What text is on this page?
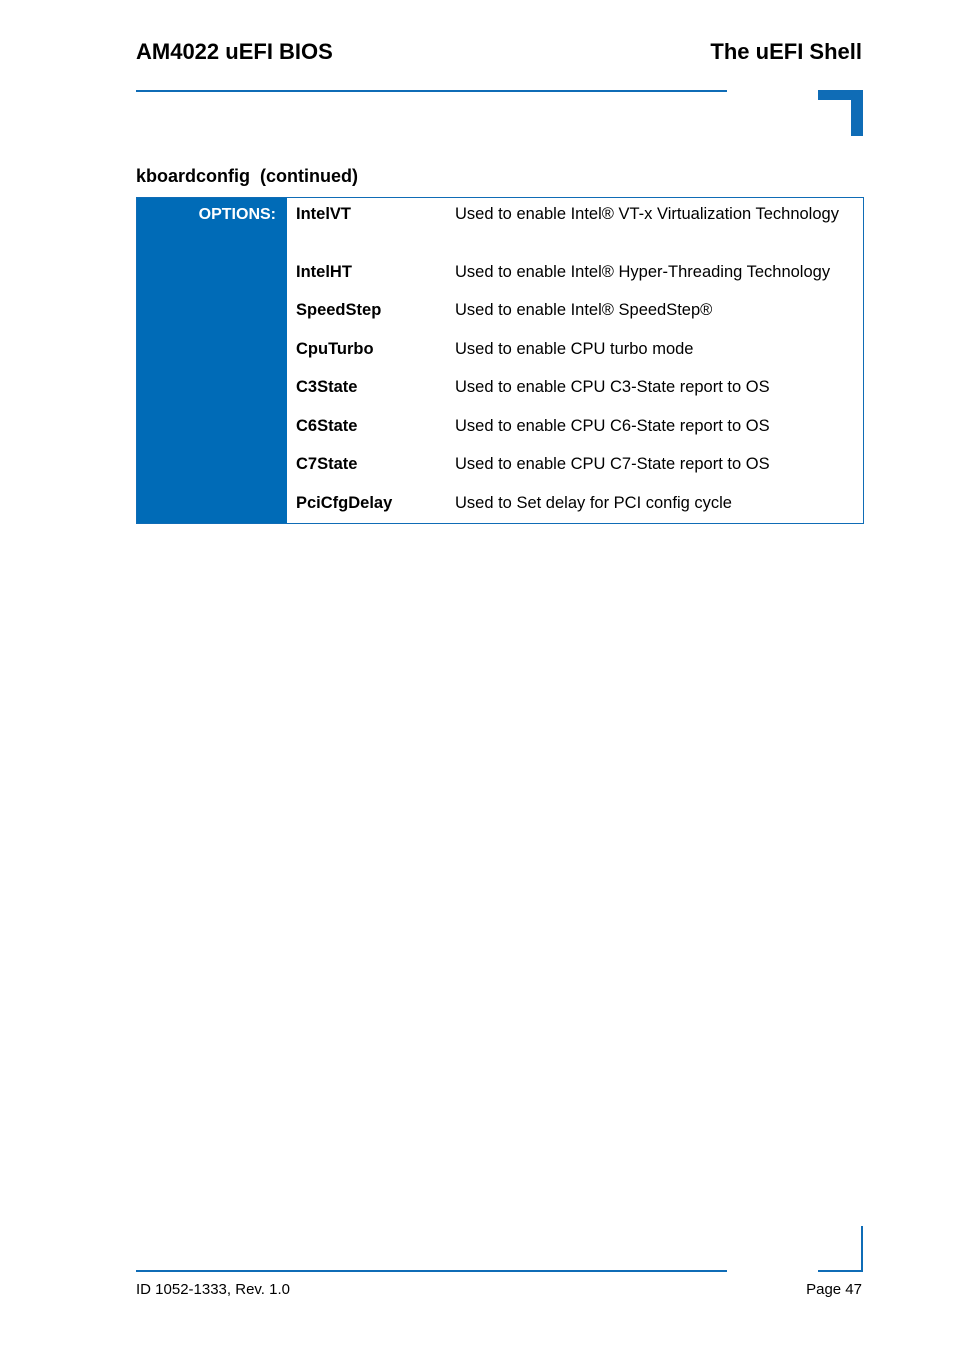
AM4022 uEFI BIOS	The uEFI Shell
kboardconfig  (continued)
OPTIONS: IntelVT	Used to enable Intel® VT-x Virtualization Technology
IntelHT	Used to enable Intel® Hyper-Threading Technology
SpeedStep	Used to enable Intel® SpeedStep®
CpuTurbo	Used to enable CPU turbo mode
C3State	Used to enable CPU C3-State report to OS
C6State	Used to enable CPU C6-State report to OS
C7State	Used to enable CPU C7-State report to OS
PciCfgDelay	Used to Set delay for PCI config cycle
ID 1052-1333, Rev. 1.0	Page 47
